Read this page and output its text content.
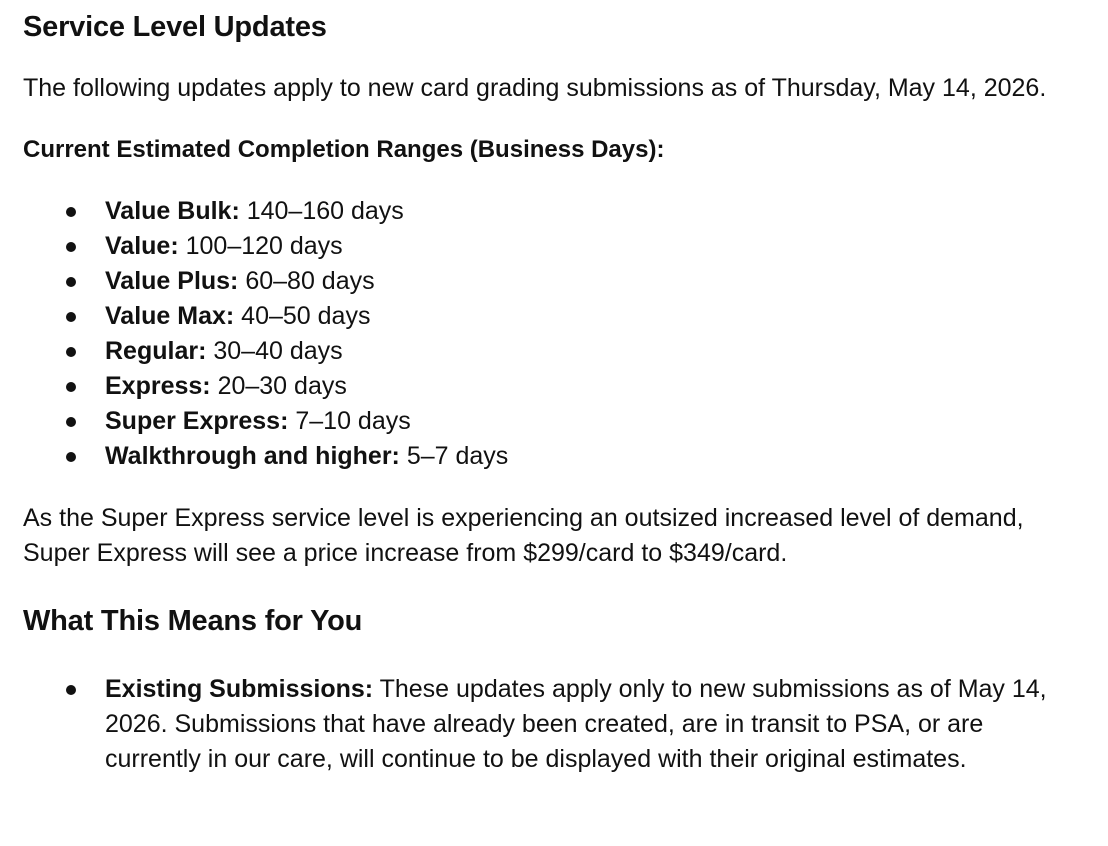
Service Level Updates

The following updates apply to new card grading submissions as of Thursday, May 14, 2026.

Current Estimated Completion Ranges (Business Days):

Value Bulk: 140–160 days
Value: 100–120 days
Value Plus: 60–80 days
Value Max: 40–50 days
Regular: 30–40 days
Express: 20–30 days
Super Express: 7–10 days
Walkthrough and higher: 5–7 days

As the Super Express service level is experiencing an outsized increased level of demand, Super Express will see a price increase from $299/card to $349/card.

What This Means for You
Existing Submissions: These updates apply only to new submissions as of May 14, 2026. Submissions that have already been created, are in transit to PSA, or are currently in our care, will continue to be displayed with their original estimates.
